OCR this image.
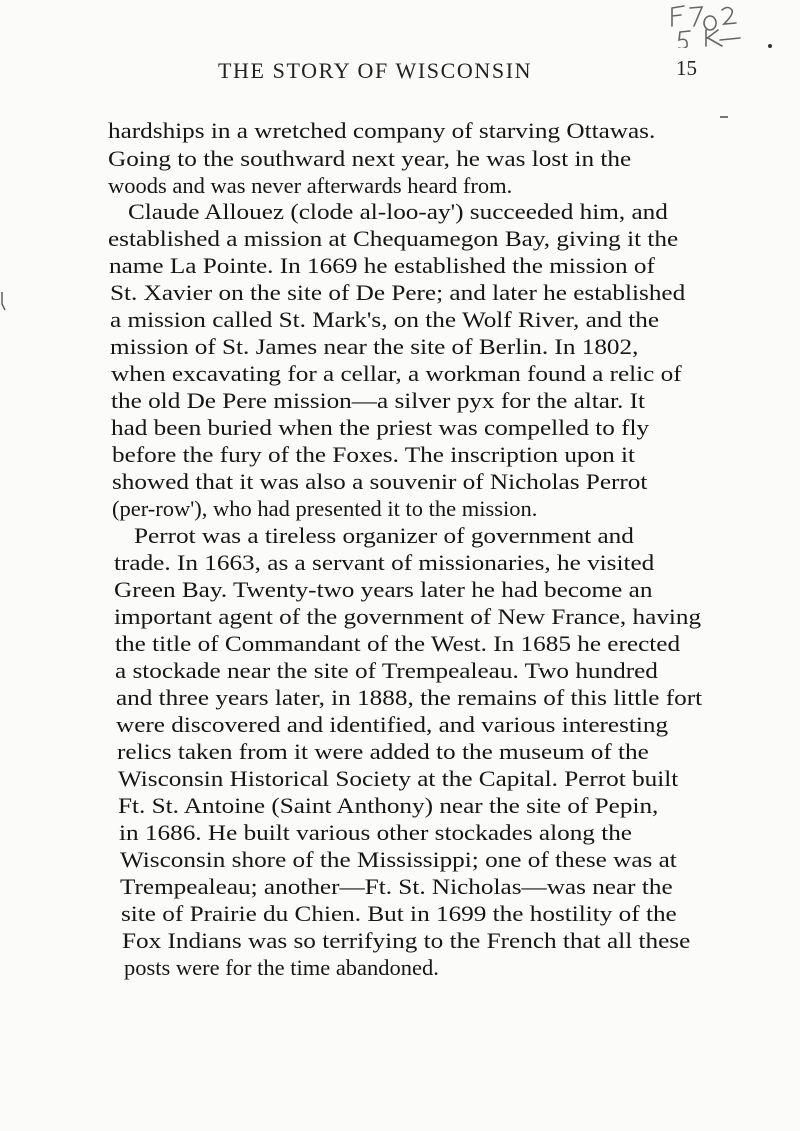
THE STORY OF WISCONSIN	15
hardships in a wretched company of starving Ottawas.
Going to the southward next year, he was lost in the
woods and was never afterwards heard from.
Claude Allouez (clode al-loo-ay') succeeded him, and
established a mission at Chequamegon Bay, giving it the
name La Pointe. In 1669 he established the mission of
St. Xavier on the site of De Pere; and later he established
a mission called St. Mark's, on the Wolf River, and the
mission of St. James near the site of Berlin. In 1802,
when excavating for a cellar, a workman found a relic of
the old De Pere mission—a silver pyx for the altar. It
had been buried when the priest was compelled to fly
before the fury of the Foxes. The inscription upon it
showed that it was also a souvenir of Nicholas Perrot
(per-row'), who had presented it to the mission.
Perrot was a tireless organizer of government and
trade. In 1663, as a servant of missionaries, he visited
Green Bay. Twenty-two years later he had become an
important agent of the government of New France, having
the title of Commandant of the West. In 1685 he erected
a stockade near the site of Trempealeau. Two hundred
and three years later, in 1888, the remains of this little fort
were discovered and identified, and various interesting
relics taken from it were added to the museum of the
Wisconsin Historical Society at the Capital. Perrot built
Ft. St. Antoine (Saint Anthony) near the site of Pepin,
in 1686. He built various other stockades along the
Wisconsin shore of the Mississippi; one of these was at
Trempealeau; another—Ft. St. Nicholas—was near the
site of Prairie du Chien. But in 1699 the hostility of the
Fox Indians was so terrifying to the French that all these
posts were for the time abandoned.
